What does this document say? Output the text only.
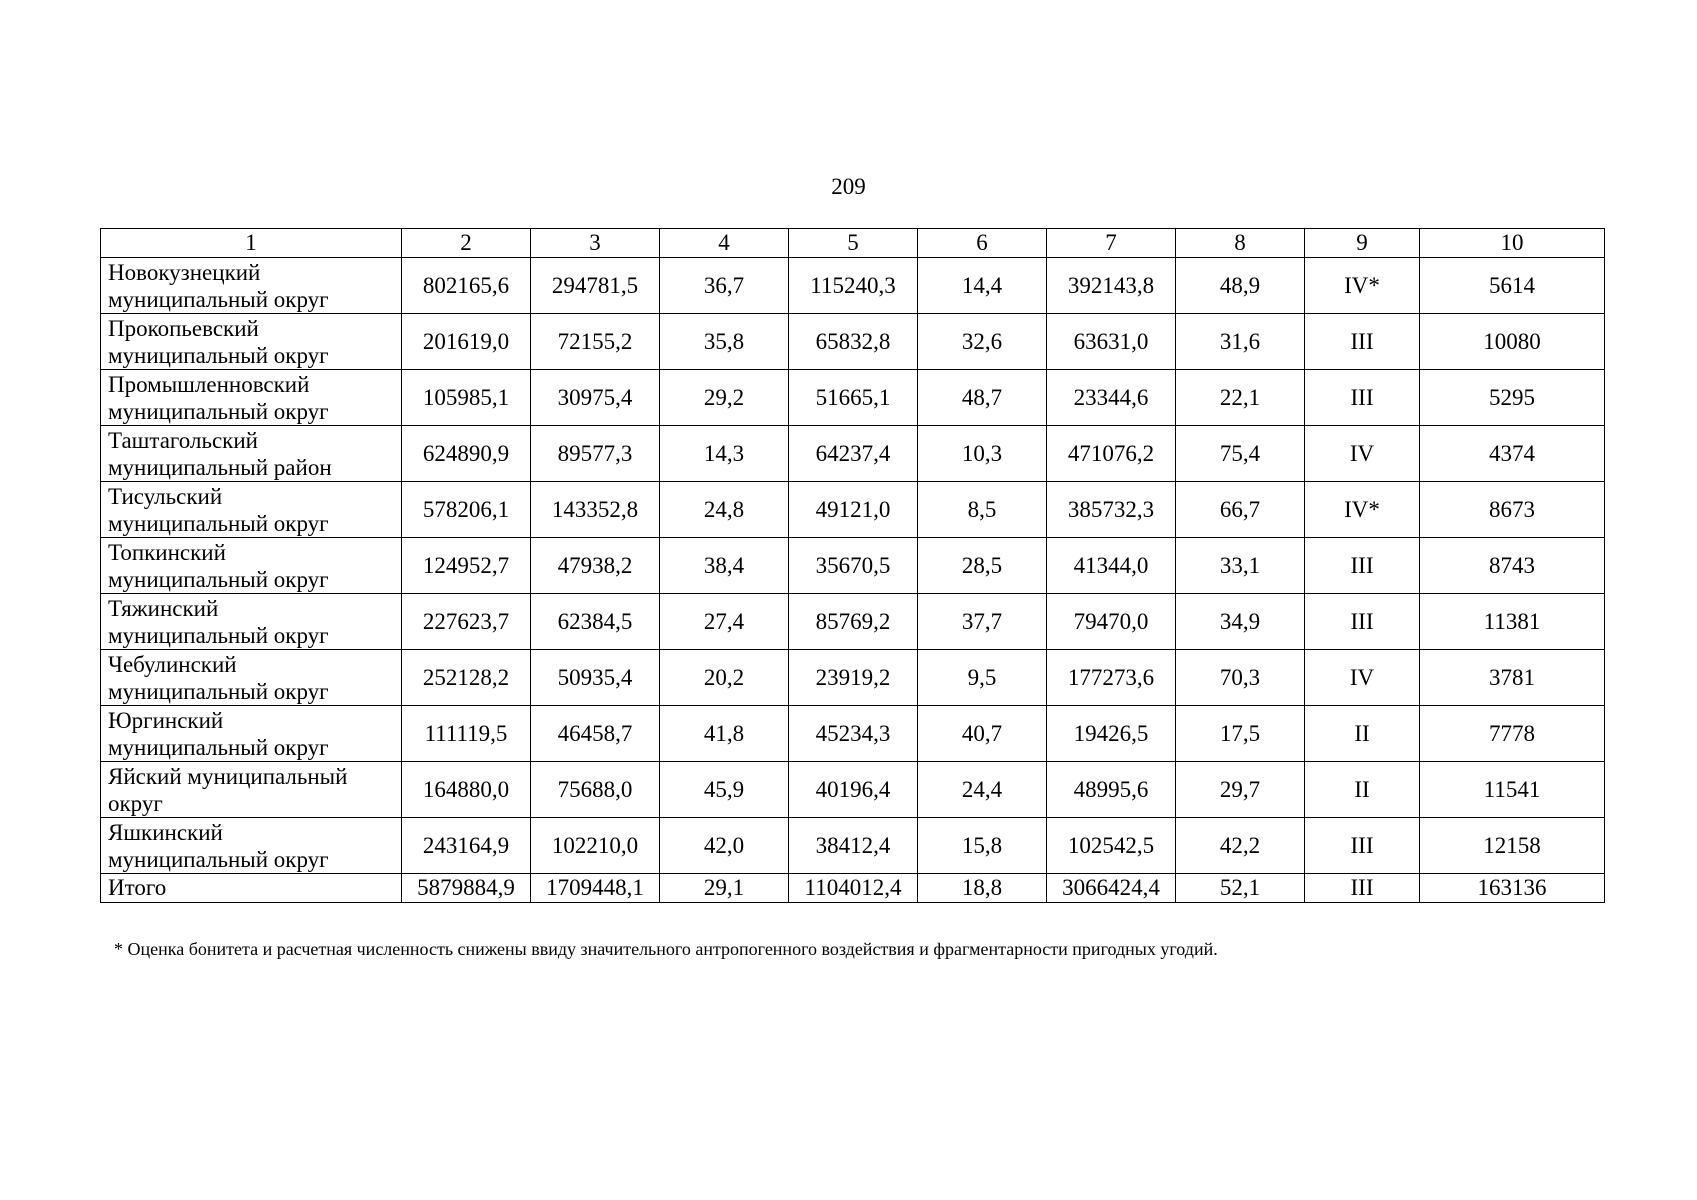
209
1	2	3	4	5	6	7	8	9	10

Новокузнецкий
муниципальный округ	802165,6	294781,5	36,7	115240,3	14,4	392143,8	48,9	IV*	5614

Прокопьевский
муниципальный округ	201619,0	72155,2	35,8	65832,8	32,6	63631,0	31,6	III	10080

Промышленновский
муниципальный округ	105985,1	30975,4	29,2	51665,1	48,7	23344,6	22,1	III	5295

Таштагольский
муниципальный район	624890,9	89577,3	14,3	64237,4	10,3	471076,2	75,4	IV	4374

Тисульский
муниципальный округ	578206,1	143352,8	24,8	49121,0	8,5	385732,3	66,7	IV*	8673

Топкинский
муниципальный округ	124952,7	47938,2	38,4	35670,5	28,5	41344,0	33,1	III	8743

Тяжинский
муниципальный округ	227623,7	62384,5	27,4	85769,2	37,7	79470,0	34,9	III	11381

Чебулинский
муниципальный округ	252128,2	50935,4	20,2	23919,2	9,5	177273,6	70,3	IV	3781

Юргинский
муниципальный округ	111119,5	46458,7	41,8	45234,3	40,7	19426,5	17,5	II	7778

Яйский муниципальный
округ	164880,0	75688,0	45,9	40196,4	24,4	48995,6	29,7	II	11541

Яшкинский
муниципальный округ	243164,9	102210,0	42,0	38412,4	15,8	102542,5	42,2	III	12158
Итого	5879884,9	1709448,1	29,1	1104012,4	18,8	3066424,4	52,1	III	163136
* Оценка бонитета и расчетная численность снижены ввиду значительного антропогенного воздействия и фрагментарности пригодных угодий.
